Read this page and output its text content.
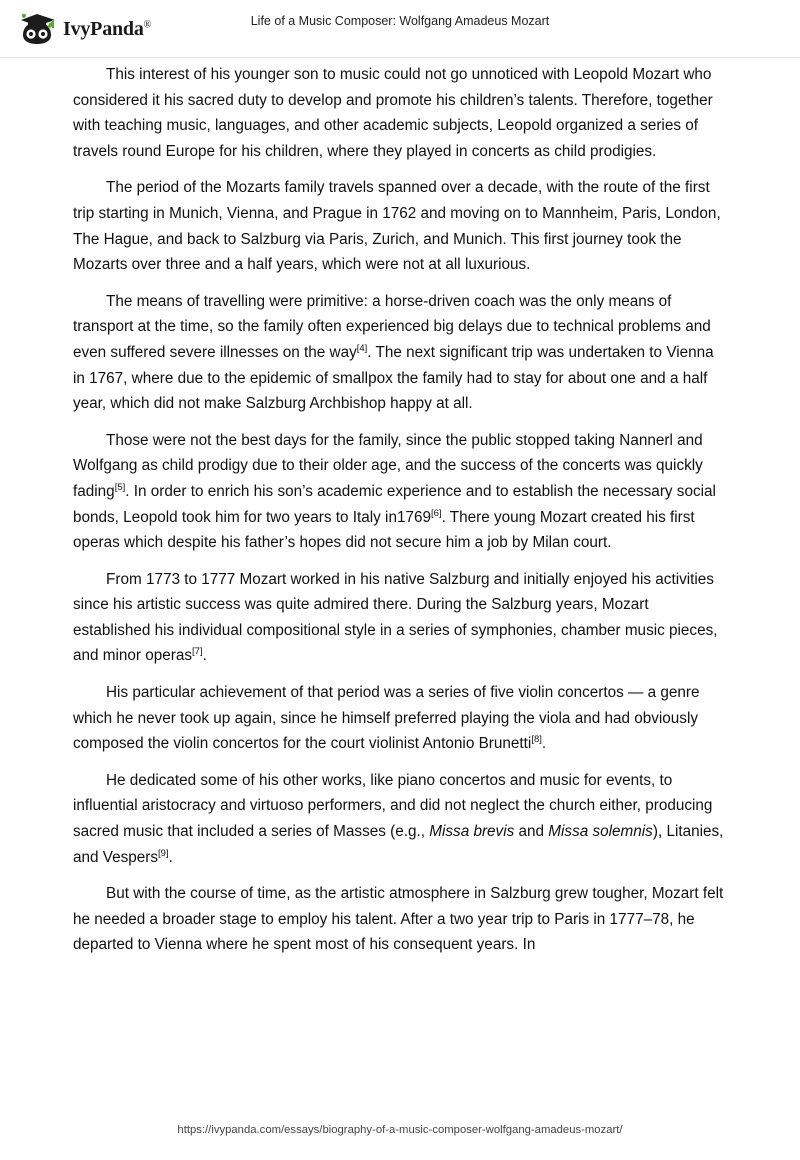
IvyPanda®	Life of a Music Composer: Wolfgang Amadeus Mozart

This interest of his younger son to music could not go unnoticed with Leopold Mozart who considered it his sacred duty to develop and promote his children’s talents. Therefore, together with teaching music, languages, and other academic subjects, Leopold organized a series of travels round Europe for his children, where they played in concerts as child prodigies.

The period of the Mozarts family travels spanned over a decade, with the route of the first trip starting in Munich, Vienna, and Prague in 1762 and moving on to Mannheim, Paris, London, The Hague, and back to Salzburg via Paris, Zurich, and Munich. This first journey took the Mozarts over three and a half years, which were not at all luxurious.

The means of travelling were primitive: a horse-driven coach was the only means of transport at the time, so the family often experienced big delays due to technical problems and even suffered severe illnesses on the way[4]. The next significant trip was undertaken to Vienna in 1767, where due to the epidemic of smallpox the family had to stay for about one and a half year, which did not make Salzburg Archbishop happy at all.

Those were not the best days for the family, since the public stopped taking Nannerl and Wolfgang as child prodigy due to their older age, and the success of the concerts was quickly fading[5]. In order to enrich his son’s academic experience and to establish the necessary social bonds, Leopold took him for two years to Italy in1769[6]. There young Mozart created his first operas which despite his father’s hopes did not secure him a job by Milan court.

From 1773 to 1777 Mozart worked in his native Salzburg and initially enjoyed his activities since his artistic success was quite admired there. During the Salzburg years, Mozart established his individual compositional style in a series of symphonies, chamber music pieces, and minor operas[7].

His particular achievement of that period was a series of five violin concertos — a genre which he never took up again, since he himself preferred playing the viola and had obviously composed the violin concertos for the court violinist Antonio Brunetti[8].

He dedicated some of his other works, like piano concertos and music for events, to influential aristocracy and virtuoso performers, and did not neglect the church either, producing sacred music that included a series of Masses (e.g., Missa brevis and Missa solemnis), Litanies, and Vespers[9].

But with the course of time, as the artistic atmosphere in Salzburg grew tougher, Mozart felt he needed a broader stage to employ his talent. After a two year trip to Paris in 1777–78, he departed to Vienna where he spent most of his consequent years. In

https://ivypanda.com/essays/biography-of-a-music-composer-wolfgang-amadeus-mozart/
